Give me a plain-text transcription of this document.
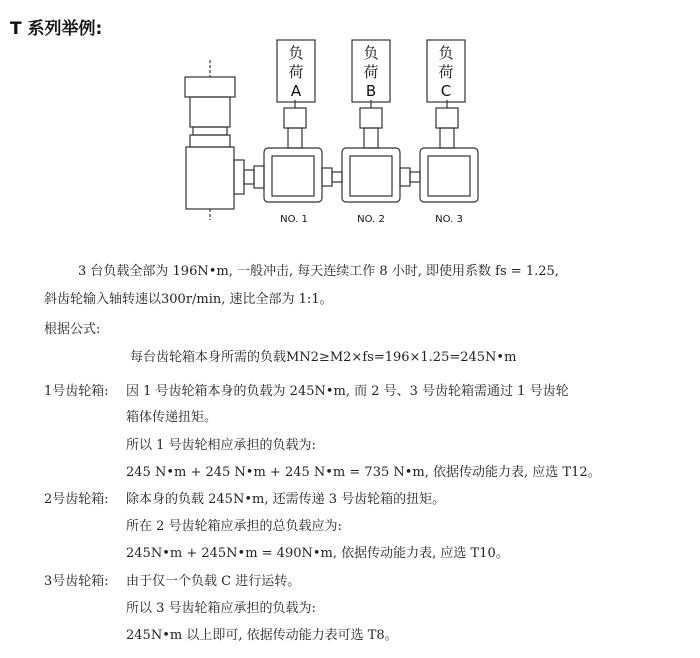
T 系列举例:
负
荷
A
负
荷
B
负
荷
C
NO. 1	NO. 2	NO. 3
3 台负载全部为 196N•m, 一般冲击, 每天连续工作 8 小时, 即使用系数 fs = 1.25,
斜齿轮输入轴转速以300r/min, 速比全部为 1:1。
根据公式:
每台齿轮箱本身所需的负载MN2≥M2×fs=196×1.25=245N•m
1号齿轮箱: 因 1 号齿轮箱本身的负载为 245N•m, 而 2 号、3 号齿轮箱需通过 1 号齿轮
箱体传递扭矩。
所以 1 号齿轮相应承担的负载为:
245 N•m + 245 N•m + 245 N•m = 735 N•m, 依据传动能力表, 应选 T12。
2号齿轮箱: 除本身的负载 245N•m, 还需传递 3 号齿轮箱的扭矩。
所在 2 号齿轮箱应承担的总负载应为:
245N•m + 245N•m = 490N•m, 依据传动能力表, 应选 T10。
3号齿轮箱: 由于仅一个负载 C 进行运转。
所以 3 号齿轮箱应承担的负载为:
245N•m 以上即可, 依据传动能力表可选 T8。
